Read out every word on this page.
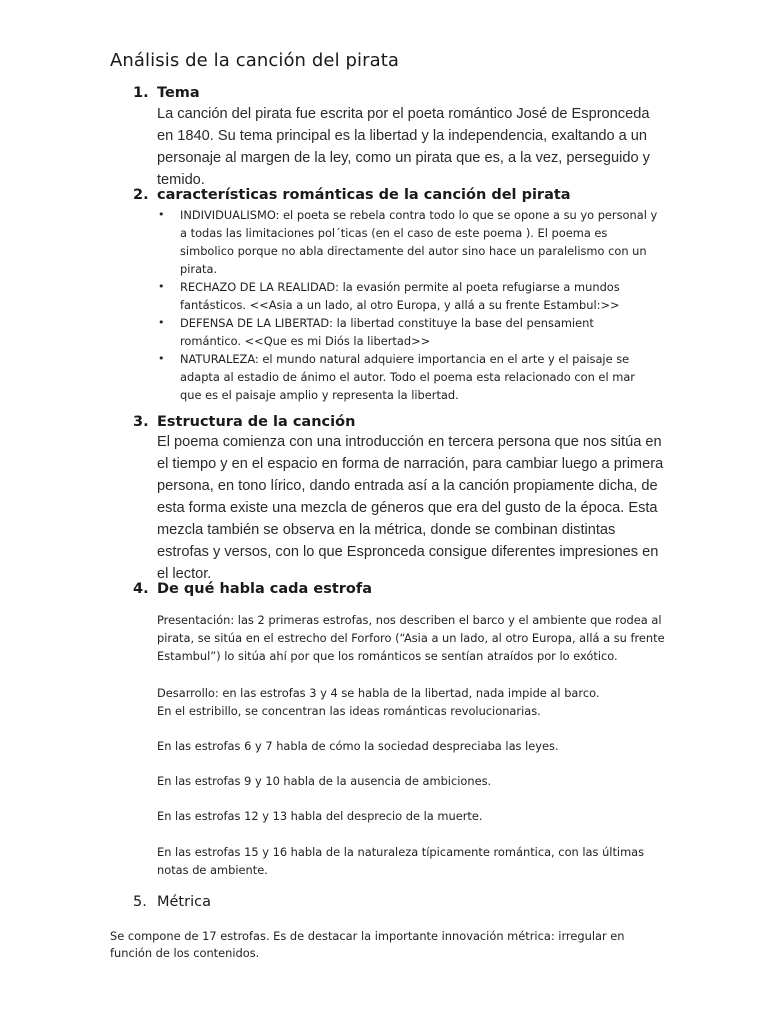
Análisis de la canción del pirata
1. Tema

La canción del pirata fue escrita por el poeta romántico José de Espronceda en 1840. Su tema principal es la libertad y la independencia, exaltando a un personaje al margen de la ley, como un pirata que es, a la vez, perseguido y temido.

2. características románticas de la canción del pirata
•	INDIVIDUALISMO: el poeta se rebela contra todo lo que se opone a su yo personal y a todas las limitaciones pol´ticas (en el caso de este poema ). El poema es simbolico porque no abla directamente del autor sino hace un paralelismo con un pirata.
•	RECHAZO DE LA REALIDAD: la evasión permite al poeta refugiarse a mundos fantásticos. <<Asia a un lado, al otro Europa, y allá a su frente Estambul:>>
•	DEFENSA DE LA LIBERTAD: la libertad constituye la base del pensamient romántico. <<Que es mi Diós la libertad>>
•	NATURALEZA: el mundo natural adquiere importancia en el arte y el paisaje se adapta al estadio de ánimo el autor. Todo el poema esta relacionado con el mar que es el paisaje amplio y representa la libertad.
3. Estructura de la canción

El poema comienza con una introducción en tercera persona que nos sitúa en el tiempo y en el espacio en forma de narración, para cambiar luego a primera persona, en tono lírico, dando entrada así a la canción propiamente dicha, de esta forma existe una mezcla de géneros que era del gusto de la época. Esta mezcla también se observa en la métrica, donde se combinan distintas estrofas y versos, con lo que Espronceda consigue diferentes impresiones en el lector.

4. De qué habla cada estrofa

Presentación: las 2 primeras estrofas, nos describen el barco y el ambiente que rodea al pirata, se sitúa en el estrecho del Forforo (“Asia a un lado, al otro Europa, allá a su frente Estambul”) lo sitúa ahí por que los románticos se sentían atraídos por lo exótico.

Desarrollo: en las estrofas 3 y 4 se habla de la libertad, nada impide al barco.

En el estribillo, se concentran las ideas románticas revolucionarias.

En las estrofas 6 y 7 habla de cómo la sociedad despreciaba las leyes.

En las estrofas 9 y 10 habla de la ausencia de ambiciones.

En las estrofas 12 y 13 habla del desprecio de la muerte.

En las estrofas 15 y 16 habla de la naturaleza típicamente romántica, con las últimas notas de ambiente.

5. Métrica

Se compone de 17 estrofas. Es de destacar la importante innovación métrica: irregular en función de los contenidos.
